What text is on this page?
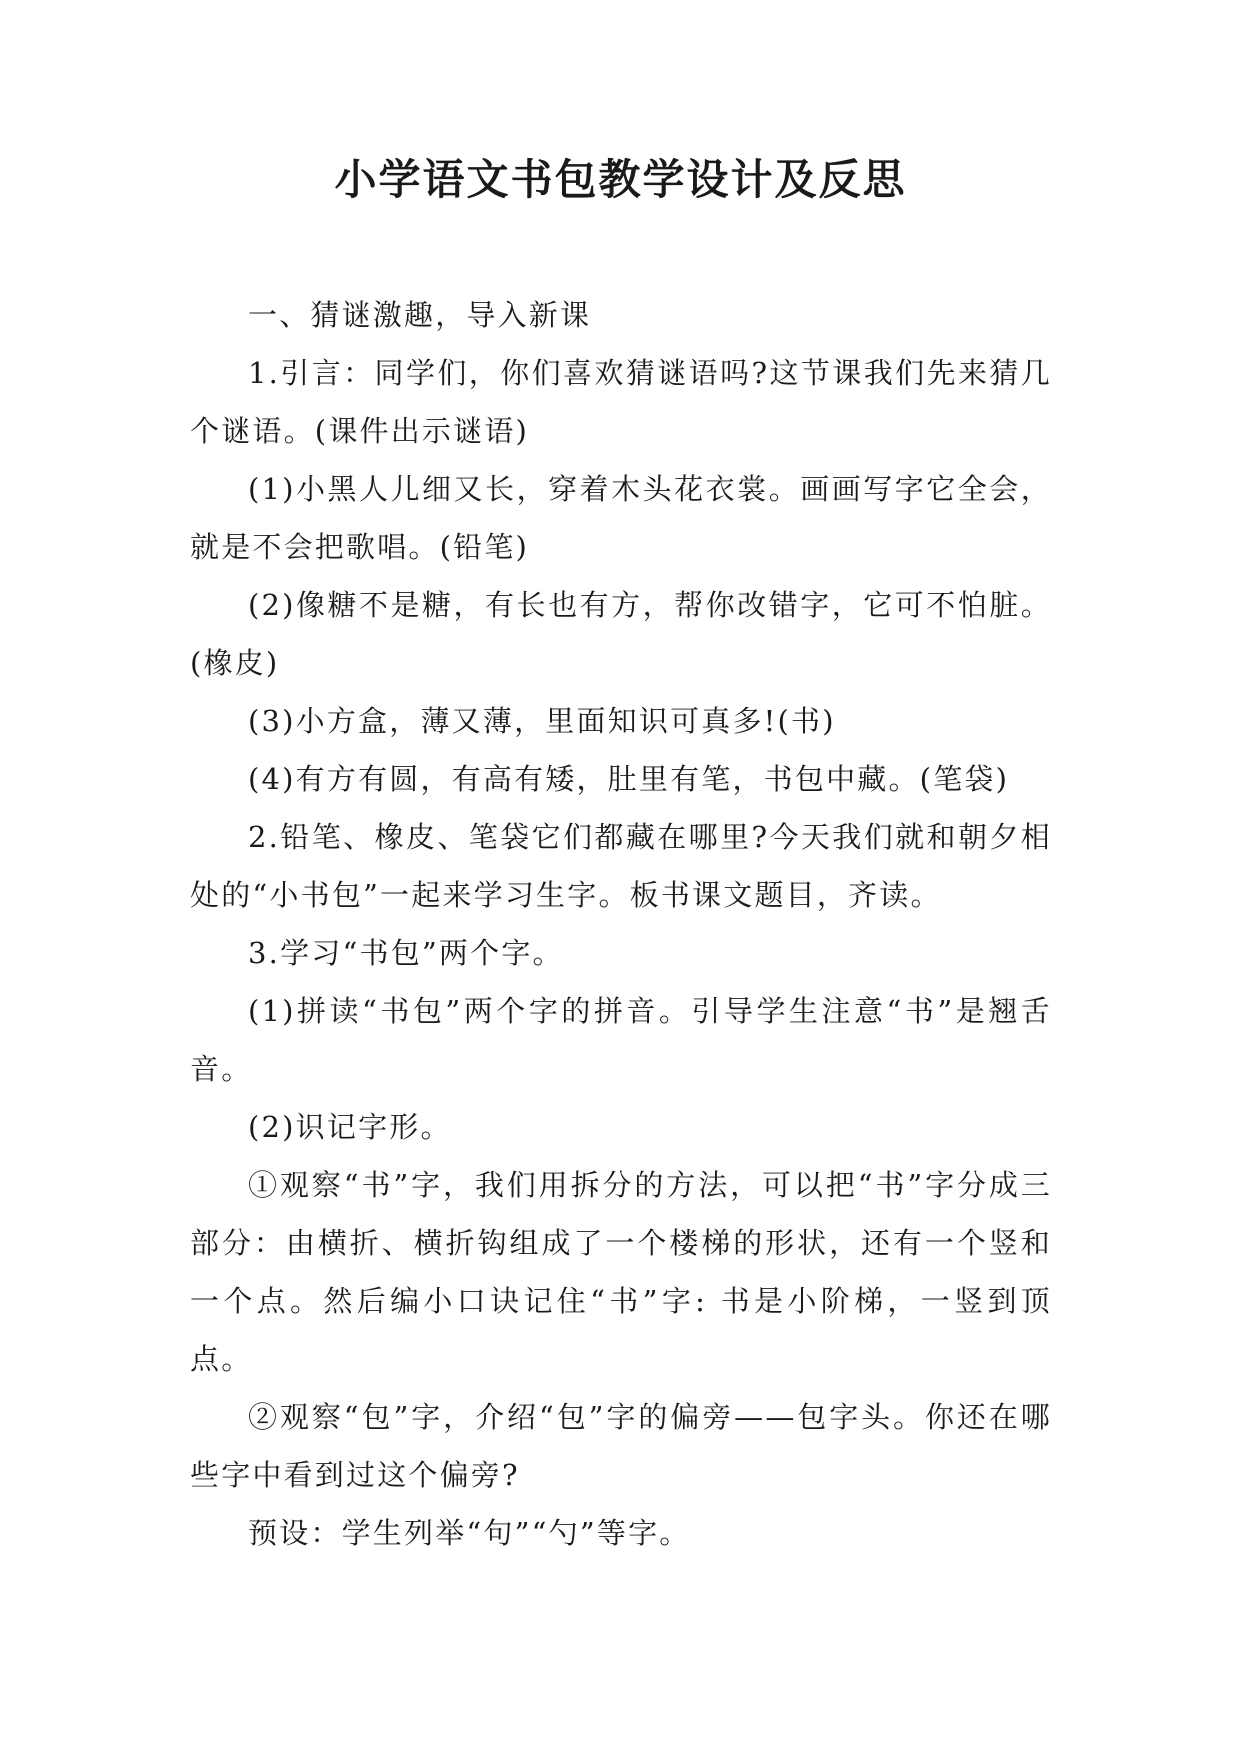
小学语文书包教学设计及反思

一、猜谜激趣，导入新课

1.引言：同学们，你们喜欢猜谜语吗?这节课我们先来猜几个谜语。(课件出示谜语)

(1)小黑人儿细又长，穿着木头花衣裳。画画写字它全会，就是不会把歌唱。(铅笔)

(2)像糖不是糖，有长也有方，帮你改错字，它可不怕脏。(橡皮)

(3)小方盒，薄又薄，里面知识可真多!(书)

(4)有方有圆，有高有矮，肚里有笔，书包中藏。(笔袋)

2.铅笔、橡皮、笔袋它们都藏在哪里?今天我们就和朝夕相处的“小书包”一起来学习生字。板书课文题目，齐读。

3.学习“书包”两个字。

(1)拼读“书包”两个字的拼音。引导学生注意“书”是翘舌音。

(2)识记字形。

①观察“书”字，我们用拆分的方法，可以把“书”字分成三部分：由横折、横折钩组成了一个楼梯的形状，还有一个竖和一个点。然后编小口诀记住“书”字: 书是小阶梯，一竖到顶点。

②观察“包”字，介绍“包”字的偏旁——包字头。你还在哪些字中看到过这个偏旁?

预设：学生列举“句”“勺”等字。
